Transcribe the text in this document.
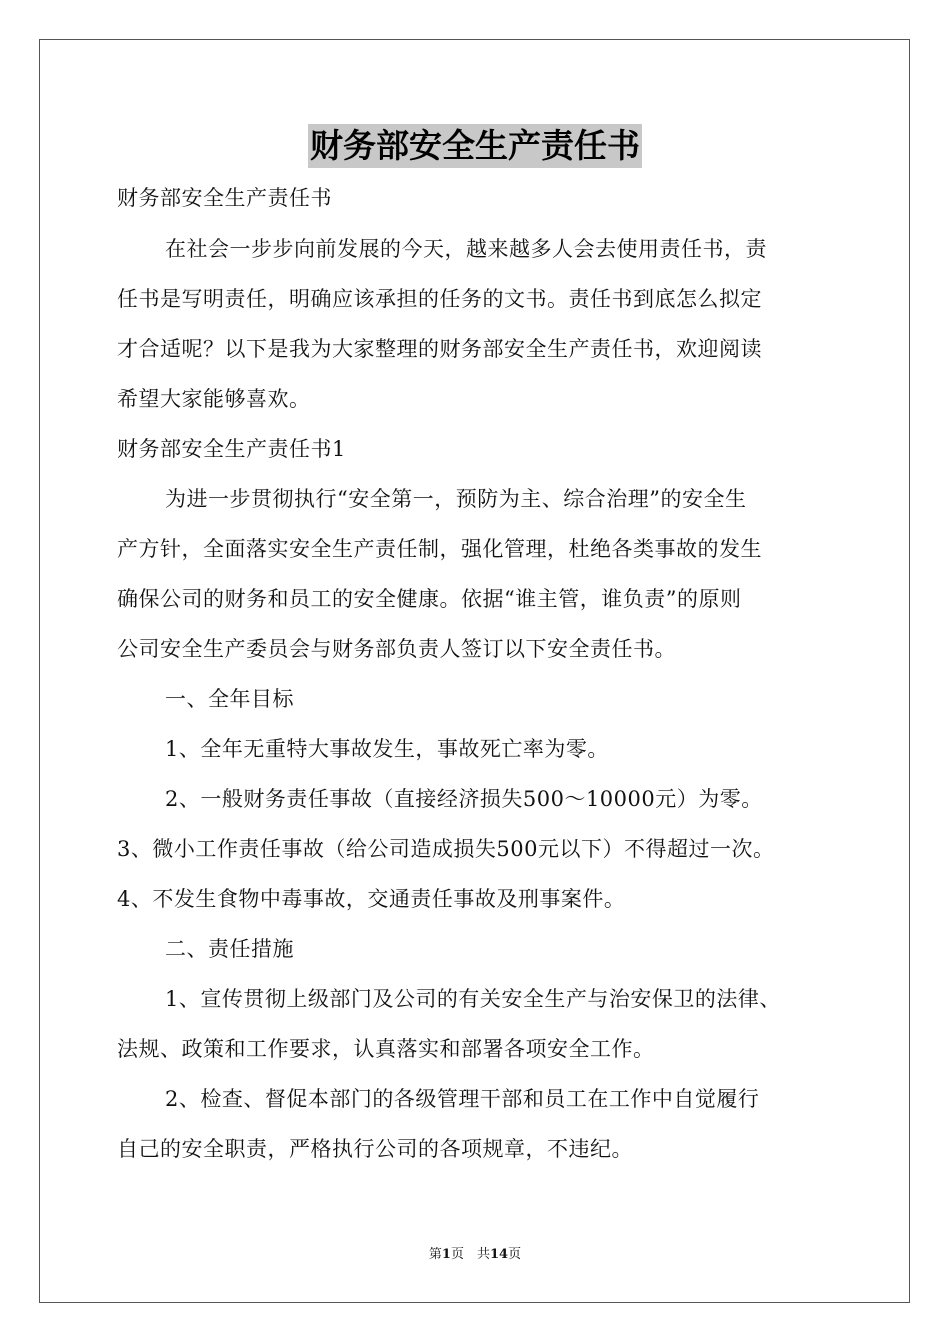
财务部安全生产责任书
财务部安全生产责任书
在社会一步步向前发展的今天，越来越多人会去使用责任书，责
任书是写明责任，明确应该承担的任务的文书。责任书到底怎么拟定
才合适呢？以下是我为大家整理的财务部安全生产责任书，欢迎阅读
希望大家能够喜欢。
财务部安全生产责任书1
为进一步贯彻执行“安全第一，预防为主、综合治理”的安全生
产方针，全面落实安全生产责任制，强化管理，杜绝各类事故的发生
确保公司的财务和员工的安全健康。依据“谁主管，谁负责”的原则
公司安全生产委员会与财务部负责人签订以下安全责任书。
一、全年目标
1、全年无重特大事故发生，事故死亡率为零。
2、一般财务责任事故（直接经济损失500～10000元）为零。
3、微小工作责任事故（给公司造成损失500元以下）不得超过一次。
4、不发生食物中毒事故，交通责任事故及刑事案件。
二、责任措施
1、宣传贯彻上级部门及公司的有关安全生产与治安保卫的法律、
法规、政策和工作要求，认真落实和部署各项安全工作。
2、检查、督促本部门的各级管理干部和员工在工作中自觉履行
自己的安全职责，严格执行公司的各项规章，不违纪。
第1页　共14页
